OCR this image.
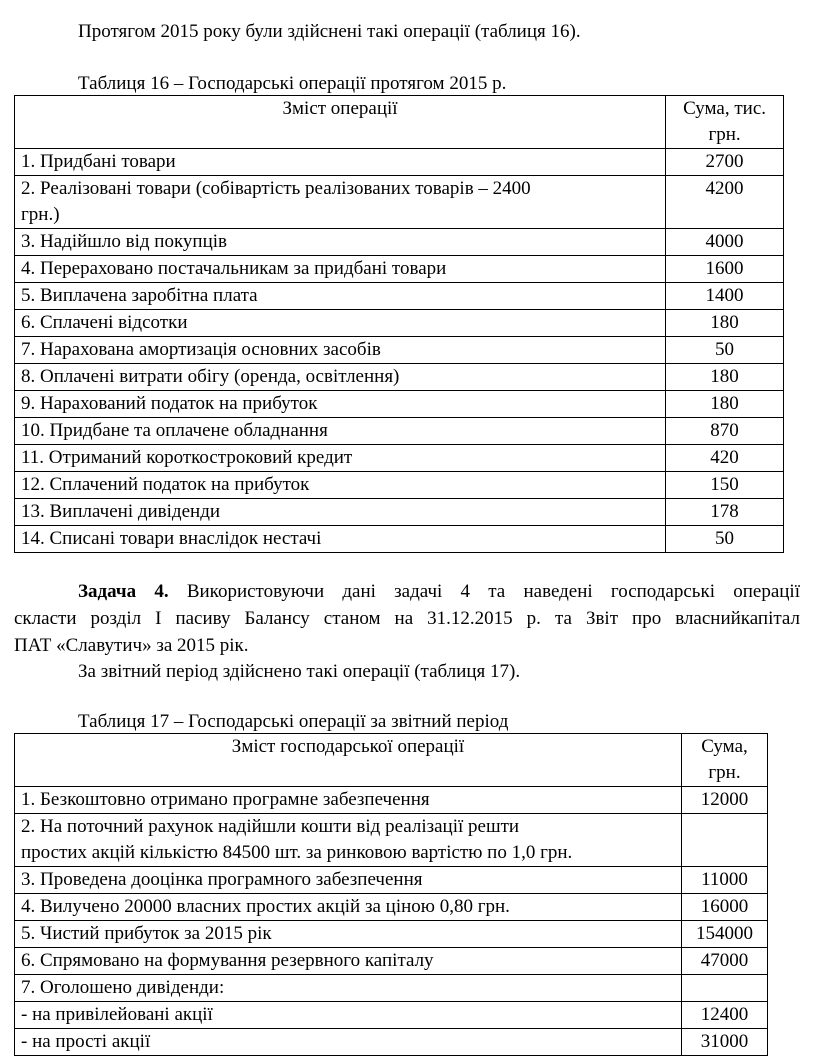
Протягом 2015 року були здійснені такі операції (таблиця 16).

Таблиця 16 – Господарські операції протягом 2015 р.

Зміст операції	Сума, тис.
грн.
1. Придбані товари	2700
2. Реалізовані товари (собівартість реалізованих товарів – 2400
грн.)	4200
3. Надійшло від покупців	4000
4. Перераховано постачальникам за придбані товари	1600
5. Виплачена заробітна плата	1400
6. Сплачені відсотки	180
7. Нарахована амортизація основних засобів	50
8. Оплачені витрати обігу (оренда, освітлення)	180
9. Нарахований податок на прибуток	180
10. Придбане та оплачене обладнання	870
11. Отриманий короткостроковий кредит	420
12. Сплачений податок на прибуток	150
13. Виплачені дивіденди	178
14. Списані товари внаслідок нестачі	50

Задача 4. Використовуючи дані задачі 4 та наведені господарські операції

скласти розділ I пасиву Балансу станом на 31.12.2015 р. та Звіт про власнийкапітал

ПАТ «Славутич» за 2015 рік.

За звітний період здійснено такі операції (таблиця 17).

Таблиця 17 – Господарські операції за звітний період

Зміст господарської операції	Сума,
грн.
1. Безкоштовно отримано програмне забезпечення	12000
2. На поточний рахунок надійшли кошти від реалізації решти
простих акцій кількістю 84500 шт. за ринковою вартістю по 1,0 грн.	
3. Проведена дооцінка програмного забезпечення	11000
4. Вилучено 20000 власних простих акцій за ціною 0,80 грн.	16000
5. Чистий прибуток за 2015 рік	154000
6. Спрямовано на формування резервного капіталу	47000
7. Оголошено дивіденди:	
- на привілейовані акції	12400
- на прості акції	31000
